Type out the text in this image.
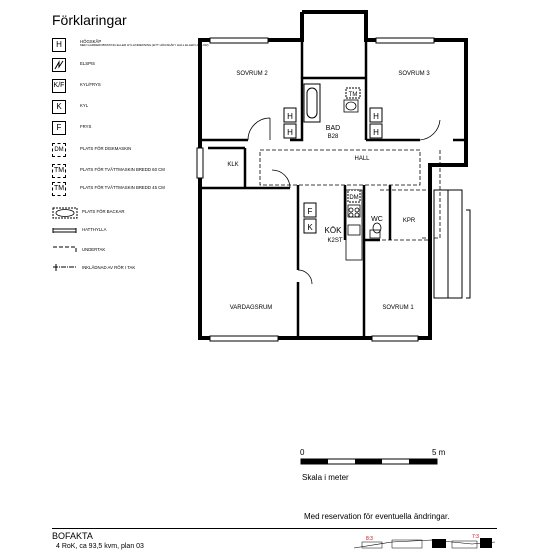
Förklaringar
H	HÖGSKÅP
MED GARDEROBSSTING ELLER HYLLINREDNING (ETT HÖGSKÅP I HALL ELLER HYLLOR)
ELSPIS
K/F	KYL/FRYS
K	KYL
F	FRYS
DM	PLATS FÖR DISKMASKIN
TM	PLATS FÖR TVÄTTMASKIN BREDD 60 CM
TM	PLATS FÖR TVÄTTMASKIN BREDD 45 CM
PLATS FÖR BACKAR
HATTHYLLA
UNDERTAK
INKLÄDNAD AV RÖR I TAK
H
H
H
H
F
K
DM
TM
SOVRUM 2	SOVRUM 3
BAD
B28
HALL
KLK
KÖK
K2ST
WC	KPR
VARDAGSRUM	SOVRUM 1
0	5 m
Skala i meter
Med reservation för eventuella ändringar.
BOFAKTA
4 RoK, ca 93,5 kvm, plan 03
8:3	7:3
